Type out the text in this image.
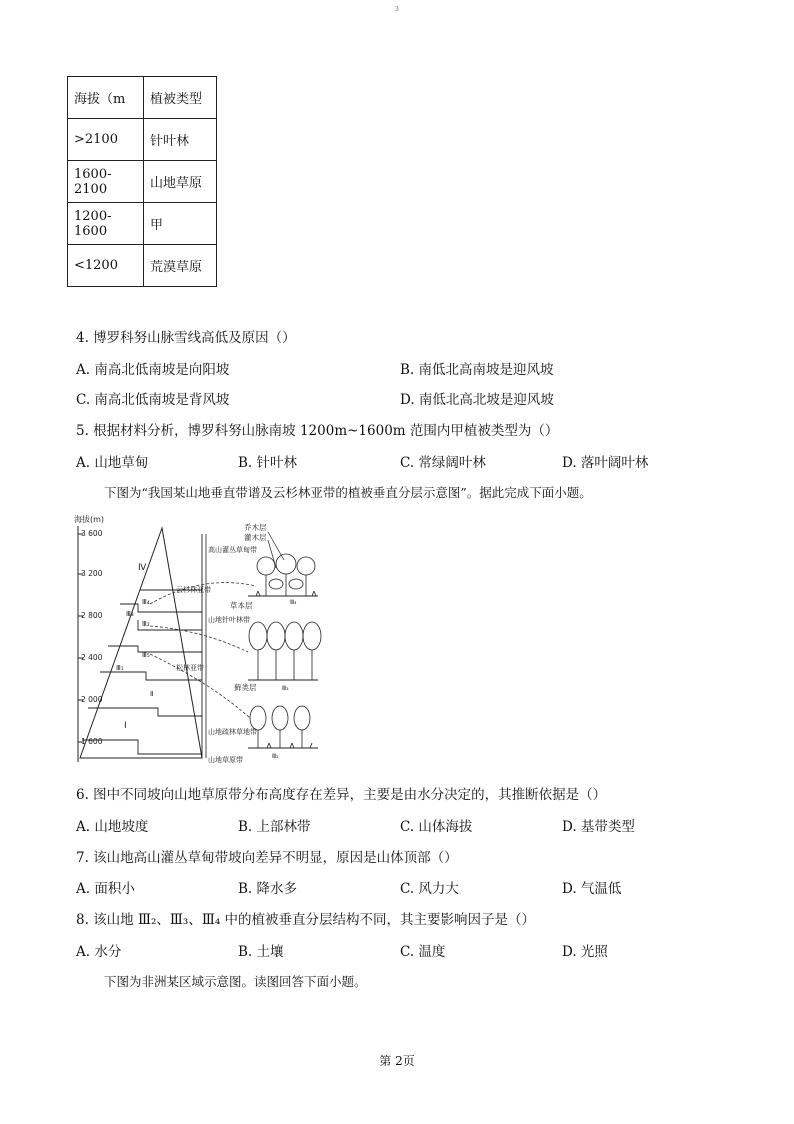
3
海拔（m	植被类型
>2100	针叶林
1600-2100	山地草原
1200-1600	甲
<1200	荒漠草原
4. 博罗科努山脉雪线高低及原因（）
A. 南高北低南坡是向阳坡	B. 南低北高南坡是迎风坡
C. 南高北低南坡是背风坡	D. 南低北高北坡是迎风坡
5. 根据材料分析，博罗科努山脉南坡 1200m~1600m 范围内甲植被类型为（）
A. 山地草甸	B. 针叶林	C. 常绿阔叶林	D. 落叶阔叶林
下图为“我国某山地垂直带谱及云杉林亚带的植被垂直分层示意图”。据此完成下面小题。
海拔(m)
3 600
3 200
2 800
2 400
2 000
1 600
Ⅳ
Ⅲ₄
Ⅲ₃
Ⅲ₂
Ⅲ₅
Ⅲ₁
Ⅱ
Ⅰ
高山灌丛草甸带
云杉林亚带
山地针叶林带
松林亚带
山地疏林草地带
山地草原带
乔木层
灌木层
草本层
藓类层
Ⅲ₄
Ⅲ₃
Ⅲ₂
6. 图中不同坡向山地草原带分布高度存在差异，主要是由水分决定的，其推断依据是（）
A. 山地坡度	B. 上部林带	C. 山体海拔	D. 基带类型
7. 该山地高山灌丛草甸带坡向差异不明显，原因是山体顶部（）
A. 面积小	B. 降水多	C. 风力大	D. 气温低
8. 该山地 Ⅲ₂、Ⅲ₃、Ⅲ₄ 中的植被垂直分层结构不同，其主要影响因子是（）
A. 水分	B. 土壤	C. 温度	D. 光照
下图为非洲某区域示意图。读图回答下面小题。
第 2页
